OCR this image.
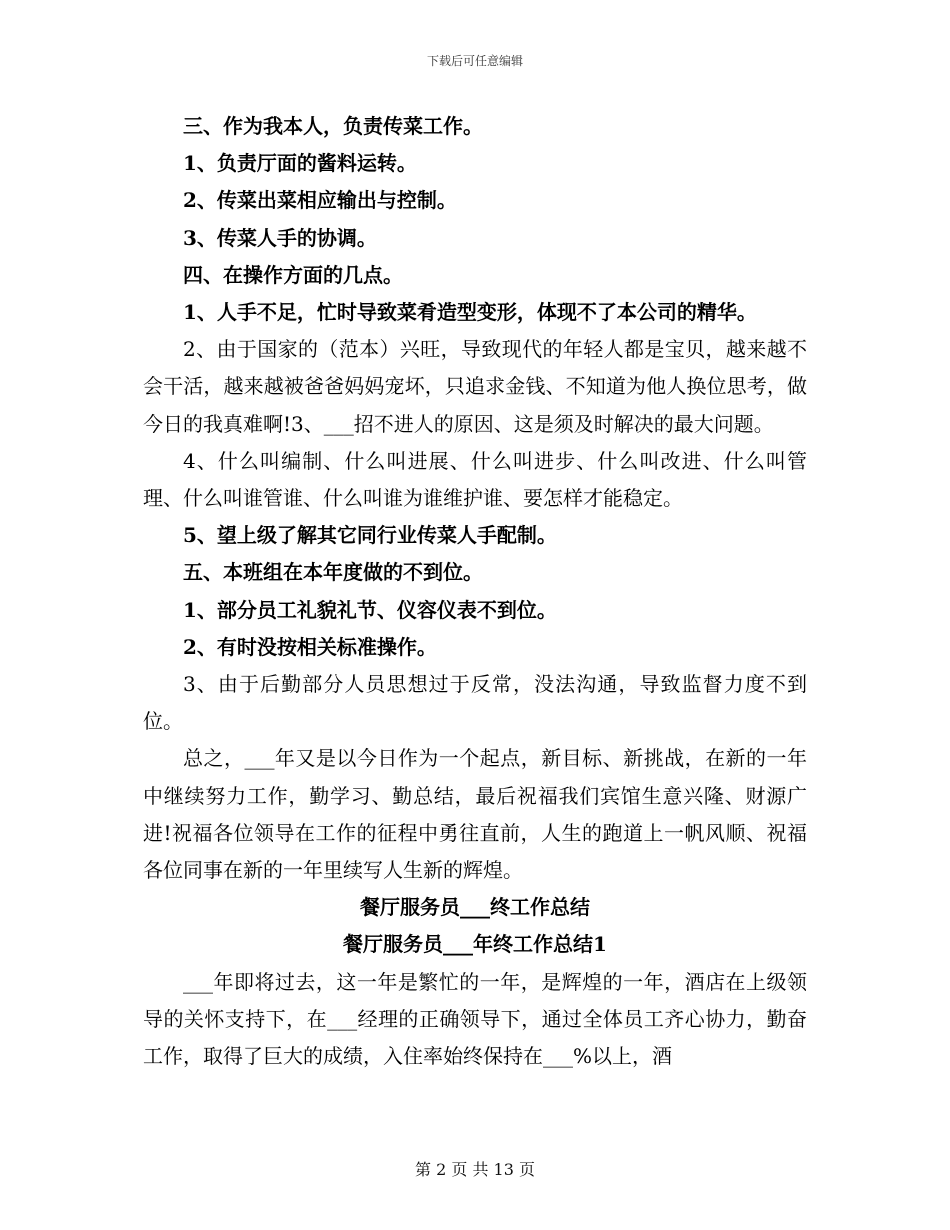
下载后可任意编辑

三、作为我本人，负责传菜工作。

1、负责厅面的酱料运转。

2、传菜出菜相应输出与控制。

3、传菜人手的协调。

四、在操作方面的几点。

1、人手不足，忙时导致菜肴造型变形，体现不了本公司的精华。

2、由于国家的（范本）兴旺，导致现代的年轻人都是宝贝，越来越不会干活，越来越被爸爸妈妈宠坏，只追求金钱、不知道为他人换位思考，做今日的我真难啊!3、___招不进人的原因、这是须及时解决的最大问题。

4、什么叫编制、什么叫进展、什么叫进步、什么叫改进、什么叫管理、什么叫谁管谁、什么叫谁为谁维护谁、要怎样才能稳定。

5、望上级了解其它同行业传菜人手配制。

五、本班组在本年度做的不到位。

1、部分员工礼貌礼节、仪容仪表不到位。

2、有时没按相关标准操作。

3、由于后勤部分人员思想过于反常，没法沟通，导致监督力度不到位。

总之，___年又是以今日作为一个起点，新目标、新挑战，在新的一年中继续努力工作，勤学习、勤总结，最后祝福我们宾馆生意兴隆、财源广进!祝福各位领导在工作的征程中勇往直前，人生的跑道上一帆风顺、祝福各位同事在新的一年里续写人生新的辉煌。

餐厅服务员___终工作总结

餐厅服务员___年终工作总结1

___年即将过去，这一年是繁忙的一年，是辉煌的一年，酒店在上级领导的关怀支持下，在___经理的正确领导下，通过全体员工齐心协力，勤奋工作，取得了巨大的成绩，入住率始终保持在___%以上，酒

第 2 页 共 13 页
